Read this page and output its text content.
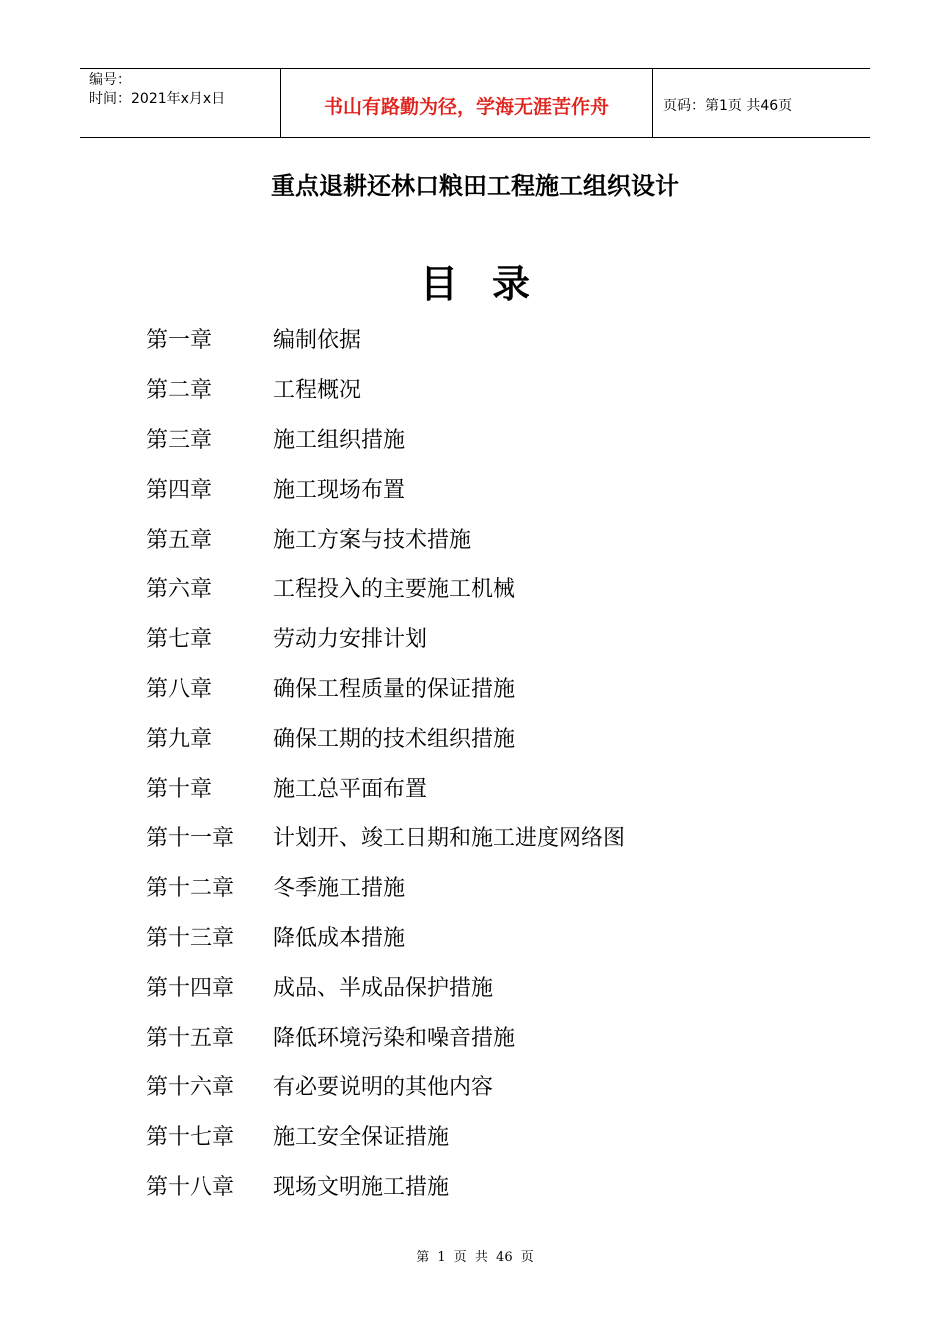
编号：
时间：2021年x月x日	书山有路勤为径，学海无涯苦作舟	页码：第1页 共46页
重点退耕还林口粮田工程施工组织设计
目录
第一章	编制依据
第二章	工程概况
第三章	施工组织措施
第四章	施工现场布置
第五章	施工方案与技术措施
第六章	工程投入的主要施工机械
第七章	劳动力安排计划
第八章	确保工程质量的保证措施
第九章	确保工期的技术组织措施
第十章	施工总平面布置
第十一章	计划开、竣工日期和施工进度网络图
第十二章	冬季施工措施
第十三章	降低成本措施
第十四章	成品、半成品保护措施
第十五章	降低环境污染和噪音措施
第十六章	有必要说明的其他内容
第十七章	施工安全保证措施
第十八章	现场文明施工措施
第 1 页 共 46 页
